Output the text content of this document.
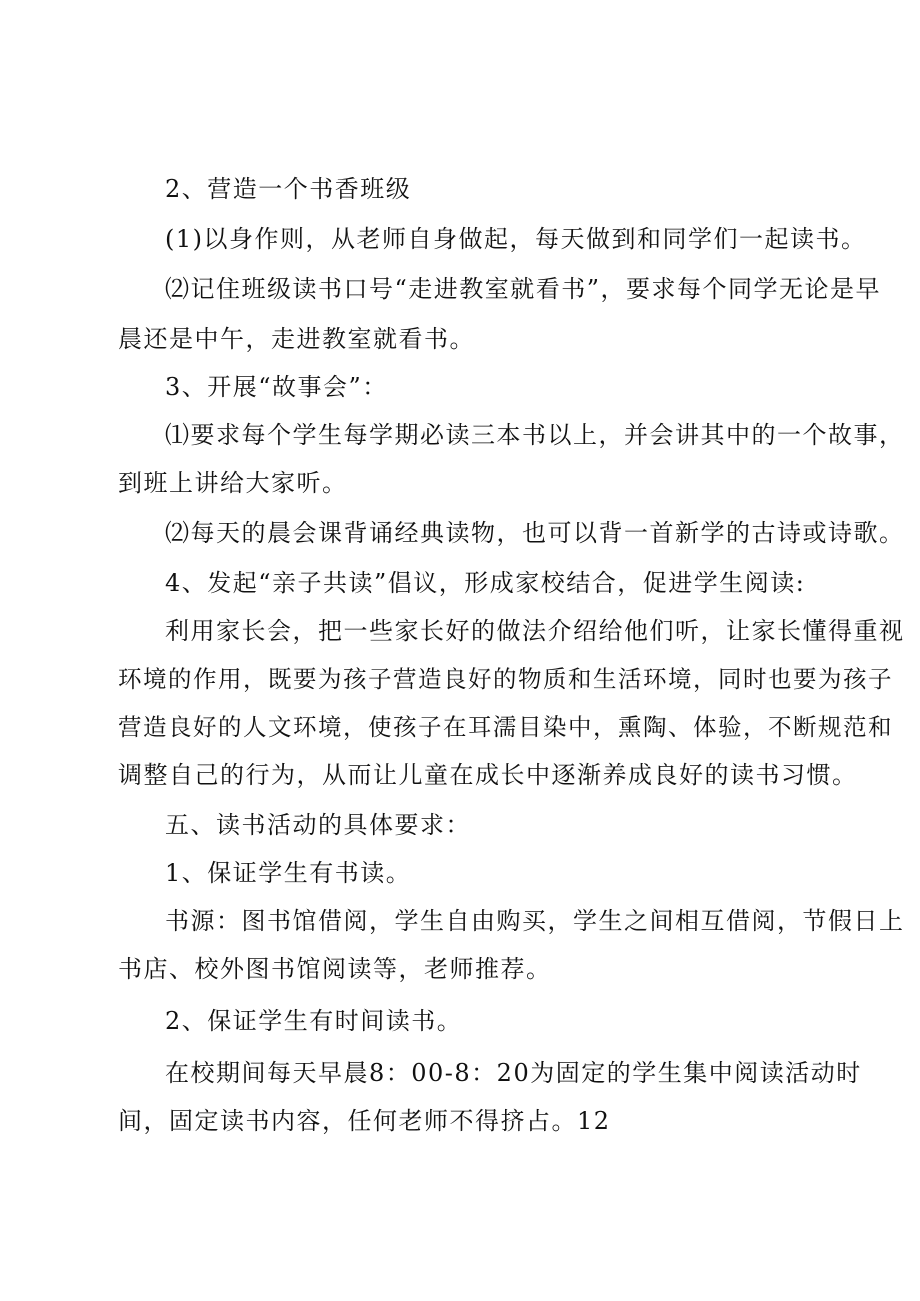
2、营造一个书香班级
(1)以身作则，从老师自身做起，每天做到和同学们一起读书。
⑵记住班级读书口号“走进教室就看书”，要求每个同学无论是早
晨还是中午，走进教室就看书。
3、开展“故事会”：
⑴要求每个学生每学期必读三本书以上，并会讲其中的一个故事，
到班上讲给大家听。
⑵每天的晨会课背诵经典读物，也可以背一首新学的古诗或诗歌。
4、发起“亲子共读”倡议，形成家校结合，促进学生阅读:
利用家长会，把一些家长好的做法介绍给他们听，让家长懂得重视
环境的作用，既要为孩子营造良好的物质和生活环境，同时也要为孩子
营造良好的人文环境，使孩子在耳濡目染中，熏陶、体验，不断规范和
调整自己的行为，从而让儿童在成长中逐渐养成良好的读书习惯。
五、读书活动的具体要求：
1、保证学生有书读。
书源：图书馆借阅，学生自由购买，学生之间相互借阅，节假日上
书店、校外图书馆阅读等，老师推荐。
2、保证学生有时间读书。
在校期间每天早晨8：00-8：20为固定的学生集中阅读活动时
间，固定读书内容，任何老师不得挤占。12
